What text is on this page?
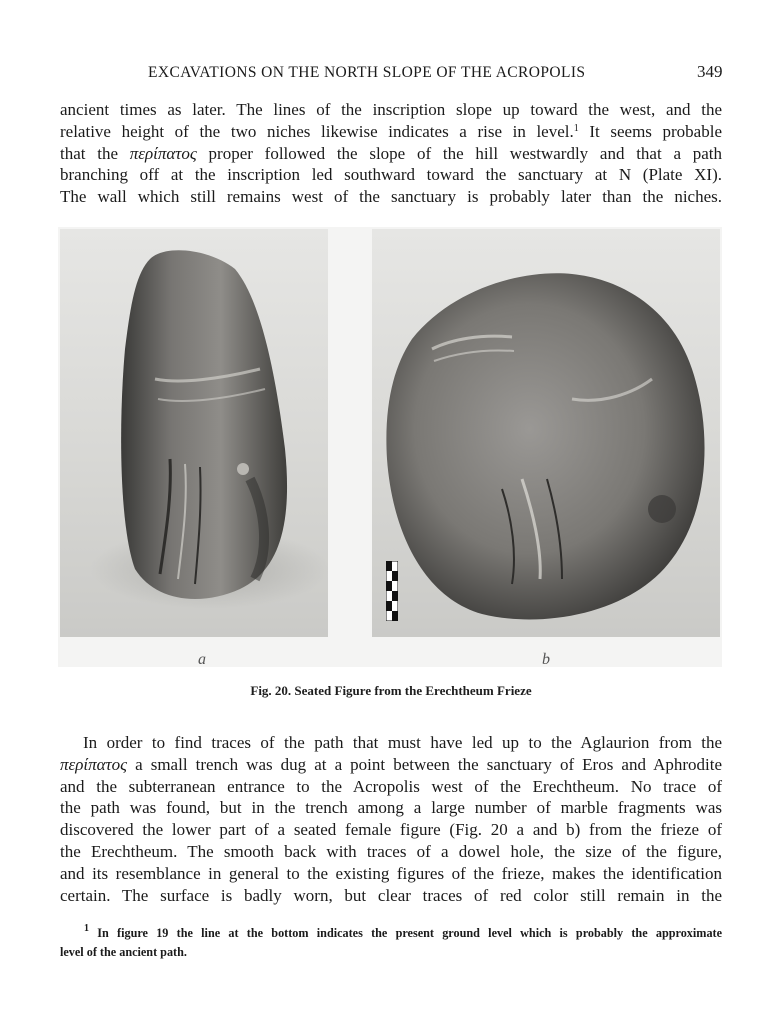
EXCAVATIONS ON THE NORTH SLOPE OF THE ACROPOLIS	349
ancient times as later. The lines of the inscription slope up toward the west, and the
relative height of the two niches likewise indicates a rise in level.$^1$ It seems probable
that the περίπατος proper followed the slope of the hill westwardly and that a path
branching off at the inscription led southward toward the sanctuary at N (Plate XI).
The wall which still remains west of the sanctuary is probably later than the niches.
a	b
Fig. 20. Seated Figure from the Erechtheum Frieze
In order to find traces of the path that must have led up to the Aglaurion from the
περίπατος a small trench was dug at a point between the sanctuary of Eros and Aphrodite
and the subterranean entrance to the Acropolis west of the Erechtheum. No trace of
the path was found, but in the trench among a large number of marble fragments was
discovered the lower part of a seated female figure (Fig. 20 a and b) from the frieze of
the Erechtheum. The smooth back with traces of a dowel hole, the size of the figure,
and its resemblance in general to the existing figures of the frieze, makes the identification
certain. The surface is badly worn, but clear traces of red color still remain in the
$^1$ In figure 19 the line at the bottom indicates the present ground level which is probably the approximate
level of the ancient path.
